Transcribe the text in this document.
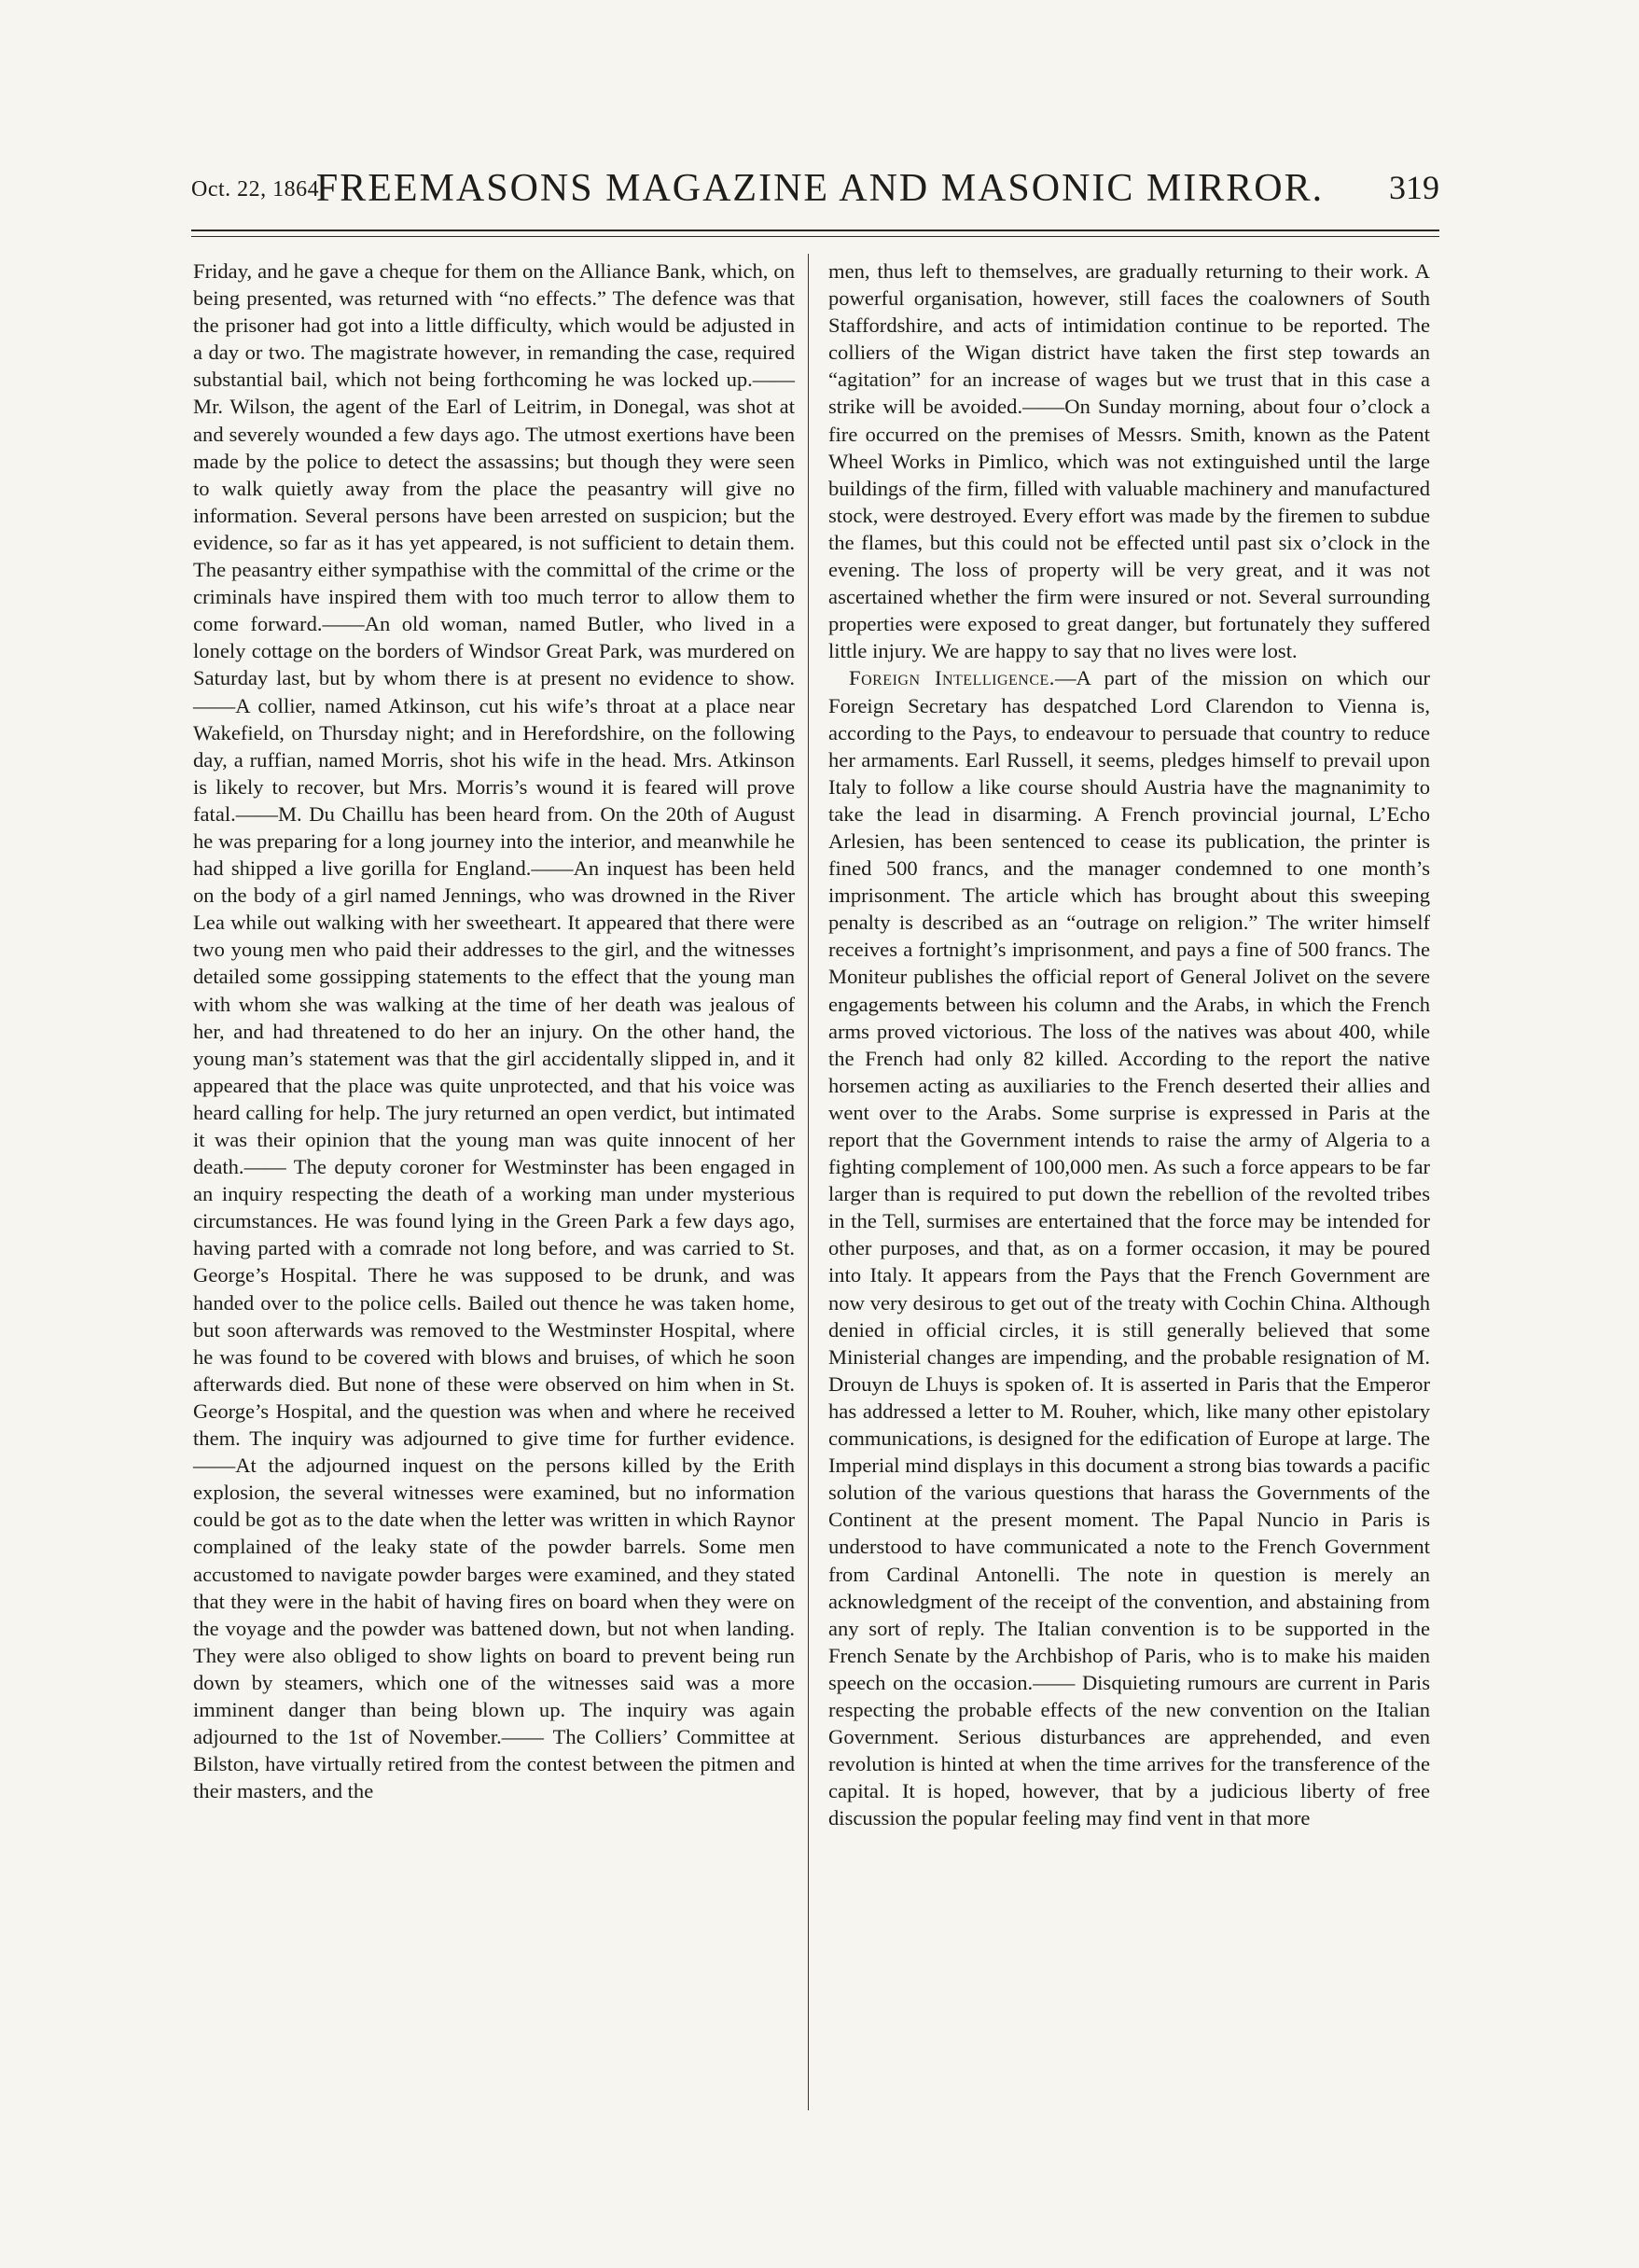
Oct. 22, 1864.
FREEMASONS MAGAZINE AND MASONIC MIRROR.	319

Friday, and he gave a cheque for them on the Alliance Bank, which, on being presented, was returned with “no effects.” The defence was that the prisoner had got into a little difficulty, which would be adjusted in a day or two. The magistrate however, in remanding the case, required substantial bail, which not being forthcoming he was locked up.——Mr. Wilson, the agent of the Earl of Leitrim, in Donegal, was shot at and severely wounded a few days ago. The utmost exertions have been made by the police to detect the assassins; but though they were seen to walk quietly away from the place the peasantry will give no information. Several persons have been arrested on suspicion; but the evidence, so far as it has yet appeared, is not sufficient to detain them. The peasantry either sympathise with the committal of the crime or the criminals have inspired them with too much terror to allow them to come forward.——An old woman, named Butler, who lived in a lonely cottage on the borders of Windsor Great Park, was murdered on Saturday last, but by whom there is at present no evidence to show.——A collier, named Atkinson, cut his wife’s throat at a place near Wakefield, on Thursday night; and in Herefordshire, on the following day, a ruffian, named Morris, shot his wife in the head. Mrs. Atkinson is likely to recover, but Mrs. Morris’s wound it is feared will prove fatal.——M. Du Chaillu has been heard from. On the 20th of August he was preparing for a long journey into the interior, and meanwhile he had shipped a live gorilla for England.——An inquest has been held on the body of a girl named Jennings, who was drowned in the River Lea while out walking with her sweetheart. It appeared that there were two young men who paid their addresses to the girl, and the witnesses detailed some gossipping statements to the effect that the young man with whom she was walking at the time of her death was jealous of her, and had threatened to do her an injury. On the other hand, the young man’s statement was that the girl accidentally slipped in, and it appeared that the place was quite unprotected, and that his voice was heard calling for help. The jury returned an open verdict, but intimated it was their opinion that the young man was quite innocent of her death.—— The deputy coroner for Westminster has been engaged in an inquiry respecting the death of a working man under mysterious circumstances. He was found lying in the Green Park a few days ago, having parted with a comrade not long before, and was carried to St. George’s Hospital. There he was supposed to be drunk, and was handed over to the police cells. Bailed out thence he was taken home, but soon afterwards was removed to the Westminster Hospital, where he was found to be covered with blows and bruises, of which he soon afterwards died. But none of these were observed on him when in St. George’s Hospital, and the question was when and where he received them. The inquiry was adjourned to give time for further evidence.——At the adjourned inquest on the persons killed by the Erith explosion, the several witnesses were examined, but no information could be got as to the date when the letter was written in which Raynor complained of the leaky state of the powder barrels. Some men accustomed to navigate powder barges were examined, and they stated that they were in the habit of having fires on board when they were on the voyage and the powder was battened down, but not when landing. They were also obliged to show lights on board to prevent being run down by steamers, which one of the witnesses said was a more imminent danger than being blown up. The inquiry was again adjourned to the 1st of November.—— The Colliers’ Committee at Bilston, have virtually retired from the contest between the pitmen and their masters, and the

men, thus left to themselves, are gradually returning to their work. A powerful organisation, however, still faces the coalowners of South Staffordshire, and acts of intimidation continue to be reported. The colliers of the Wigan district have taken the first step towards an “agitation” for an increase of wages but we trust that in this case a strike will be avoided.——On Sunday morning, about four o’clock a fire occurred on the premises of Messrs. Smith, known as the Patent Wheel Works in Pimlico, which was not extinguished until the large buildings of the firm, filled with valuable machinery and manufactured stock, were destroyed. Every effort was made by the firemen to subdue the flames, but this could not be effected until past six o’clock in the evening. The loss of property will be very great, and it was not ascertained whether the firm were insured or not. Several surrounding properties were exposed to great danger, but fortunately they suffered little injury. We are happy to say that no lives were lost.

Foreign Intelligence.—A part of the mission on which our Foreign Secretary has despatched Lord Clarendon to Vienna is, according to the Pays, to endeavour to persuade that country to reduce her armaments. Earl Russell, it seems, pledges himself to prevail upon Italy to follow a like course should Austria have the magnanimity to take the lead in disarming. A French provincial journal, L’Echo Arlesien, has been sentenced to cease its publication, the printer is fined 500 francs, and the manager condemned to one month’s imprisonment. The article which has brought about this sweeping penalty is described as an “outrage on religion.” The writer himself receives a fortnight’s imprisonment, and pays a fine of 500 francs. The Moniteur publishes the official report of General Jolivet on the severe engagements between his column and the Arabs, in which the French arms proved victorious. The loss of the natives was about 400, while the French had only 82 killed. According to the report the native horsemen acting as auxiliaries to the French deserted their allies and went over to the Arabs. Some surprise is expressed in Paris at the report that the Government intends to raise the army of Algeria to a fighting complement of 100,000 men. As such a force appears to be far larger than is required to put down the rebellion of the revolted tribes in the Tell, surmises are entertained that the force may be intended for other purposes, and that, as on a former occasion, it may be poured into Italy. It appears from the Pays that the French Government are now very desirous to get out of the treaty with Cochin China. Although denied in official circles, it is still generally believed that some Ministerial changes are impending, and the probable resignation of M. Drouyn de Lhuys is spoken of. It is asserted in Paris that the Emperor has addressed a letter to M. Rouher, which, like many other epistolary communications, is designed for the edification of Europe at large. The Imperial mind displays in this document a strong bias towards a pacific solution of the various questions that harass the Governments of the Continent at the present moment. The Papal Nuncio in Paris is understood to have communicated a note to the French Government from Cardinal Antonelli. The note in question is merely an acknowledgment of the receipt of the convention, and abstaining from any sort of reply. The Italian convention is to be supported in the French Senate by the Archbishop of Paris, who is to make his maiden speech on the occasion.—— Disquieting rumours are current in Paris respecting the probable effects of the new convention on the Italian Government. Serious disturbances are apprehended, and even revolution is hinted at when the time arrives for the transference of the capital. It is hoped, however, that by a judicious liberty of free discussion the popular feeling may find vent in that more
